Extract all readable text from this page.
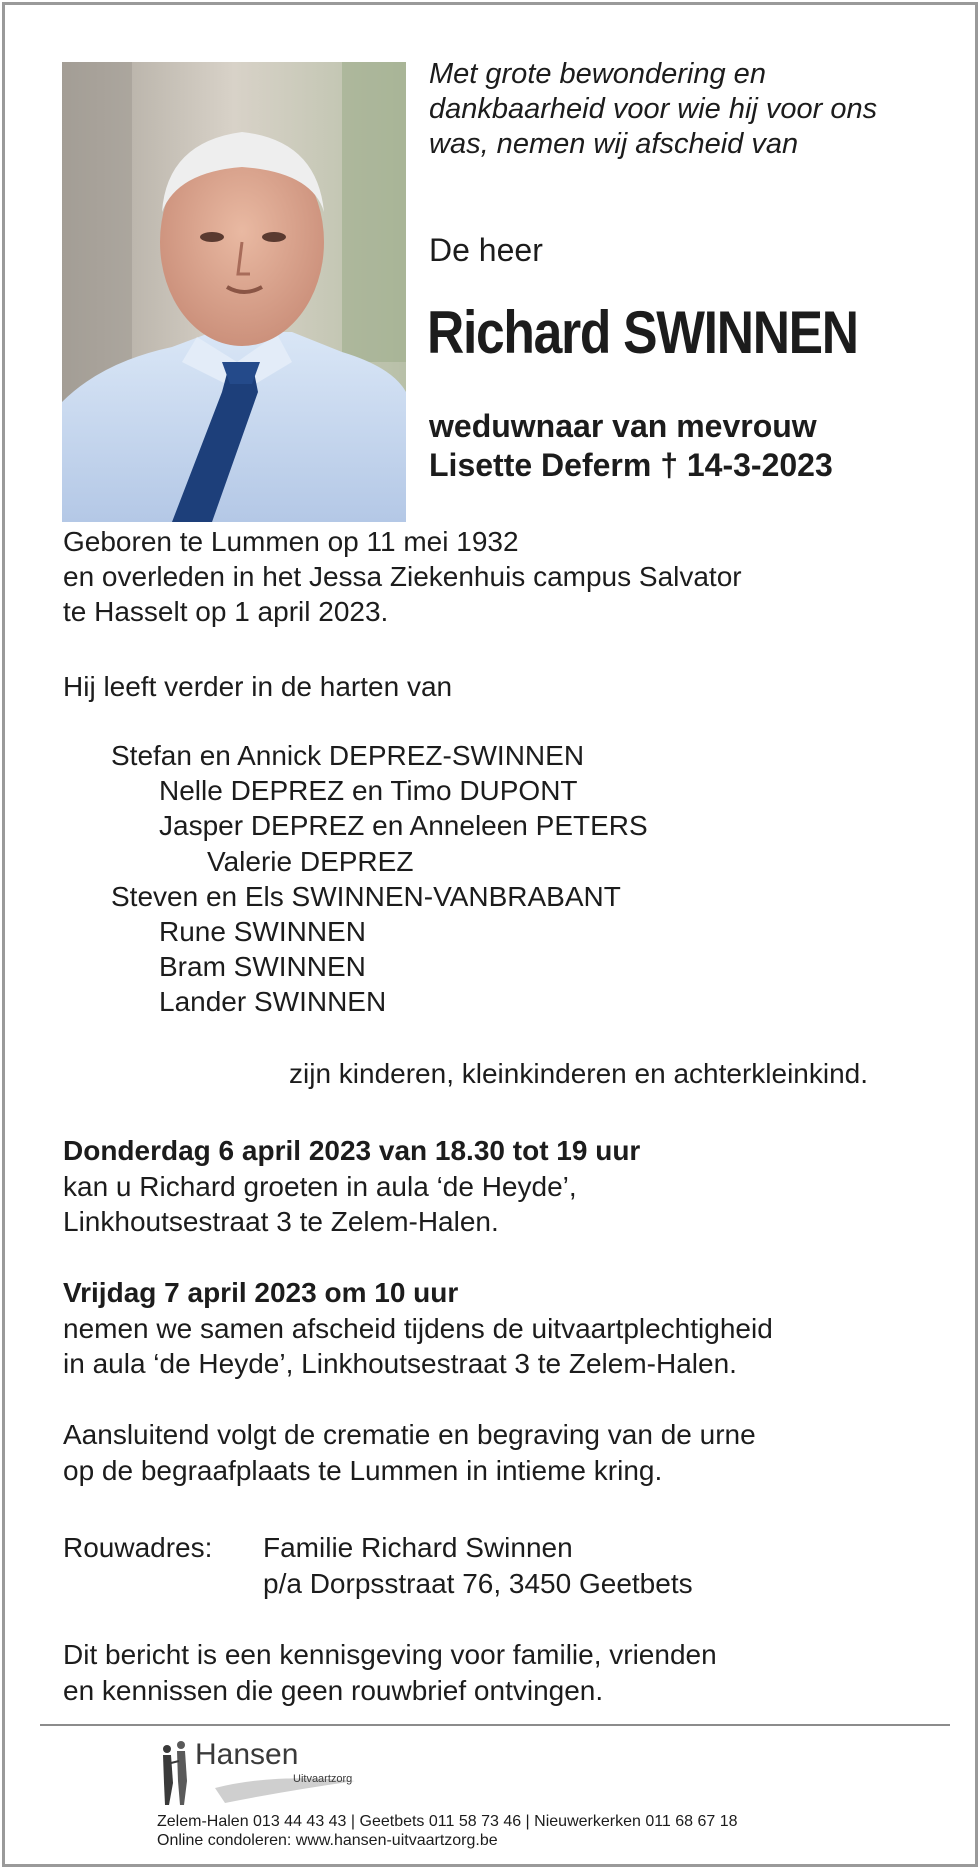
Met grote bewondering en
dankbaarheid voor wie hij voor ons
was, nemen wij afscheid van
De heer
Richard SWINNEN
weduwnaar van mevrouw
Lisette Deferm † 14-3-2023
Geboren te Lummen op 11 mei 1932
en overleden in het Jessa Ziekenhuis campus Salvator
te Hasselt op 1 april 2023.
Hij leeft verder in de harten van
Stefan en Annick DEPREZ-SWINNEN
Nelle DEPREZ en Timo DUPONT
Jasper DEPREZ en Anneleen PETERS
Valerie DEPREZ
Steven en Els SWINNEN-VANBRABANT
Rune SWINNEN
Bram SWINNEN
Lander SWINNEN
zijn kinderen, kleinkinderen en achterkleinkind.
Donderdag 6 april 2023 van 18.30 tot 19 uur
kan u Richard groeten in aula ‘de Heyde’,
Linkhoutsestraat 3 te Zelem-Halen.
Vrijdag 7 april 2023 om 10 uur
nemen we samen afscheid tijdens de uitvaartplechtigheid
in aula ‘de Heyde’, Linkhoutsestraat 3 te Zelem-Halen.
Aansluitend volgt de crematie en begraving van de urne
op de begraafplaats te Lummen in intieme kring.
Rouwadres: Familie Richard Swinnen
p/a Dorpsstraat 76, 3450 Geetbets
Dit bericht is een kennisgeving voor familie, vrienden
en kennissen die geen rouwbrief ontvingen.
Hansen
Uitvaartzorg
Zelem-Halen 013 44 43 43 | Geetbets 011 58 73 46 | Nieuwerkerken 011 68 67 18
Online condoleren: www.hansen-uitvaartzorg.be
